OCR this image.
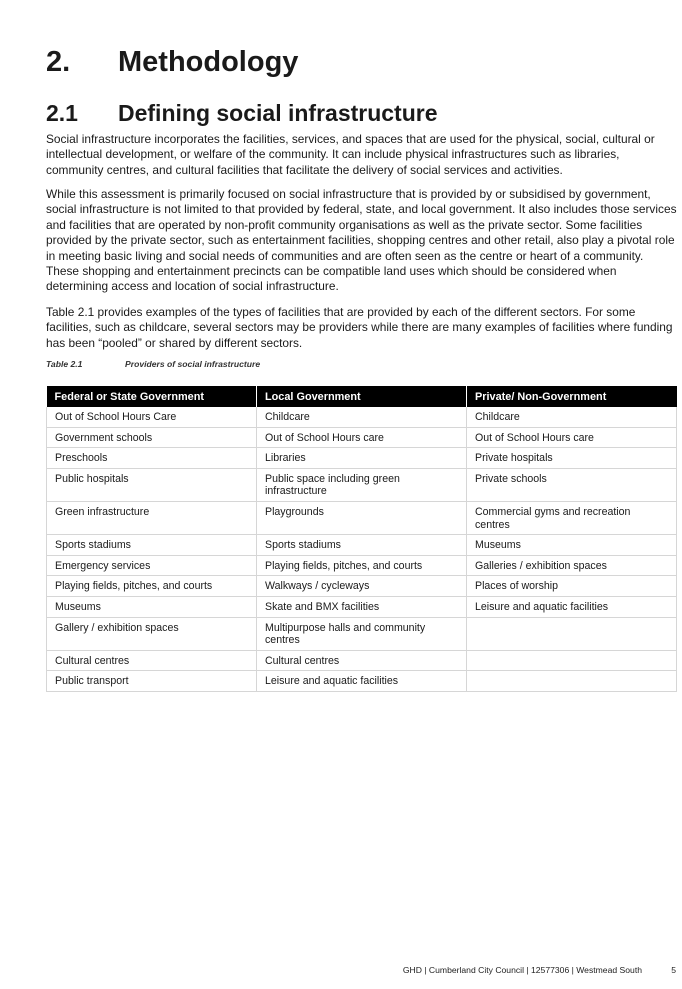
2. Methodology
2.1 Defining social infrastructure

Social infrastructure incorporates the facilities, services, and spaces that are used for the physical, social, cultural or intellectual development, or welfare of the community. It can include physical infrastructures such as libraries, community centres, and cultural facilities that facilitate the delivery of social services and activities.

While this assessment is primarily focused on social infrastructure that is provided by or subsidised by government, social infrastructure is not limited to that provided by federal, state, and local government. It also includes those services and facilities that are operated by non-profit community organisations as well as the private sector. Some facilities provided by the private sector, such as entertainment facilities, shopping centres and other retail, also play a pivotal role in meeting basic living and social needs of communities and are often seen as the centre or heart of a community. These shopping and entertainment precincts can be compatible land uses which should be considered when determining access and location of social infrastructure.

Table 2.1 provides examples of the types of facilities that are provided by each of the different sectors. For some facilities, such as childcare, several sectors may be providers while there are many examples of facilities where funding has been “pooled” or shared by different sectors.

Table 2.1	Providers of social infrastructure
Federal or State Government	Local Government	Private/ Non-Government
Out of School Hours Care	Childcare	Childcare
Government schools	Out of School Hours care	Out of School Hours care
Preschools	Libraries	Private hospitals
Public hospitals	Public space including green infrastructure	Private schools
Green infrastructure	Playgrounds	Commercial gyms and recreation centres
Sports stadiums	Sports stadiums	Museums
Emergency services	Playing fields, pitches, and courts	Galleries / exhibition spaces
Playing fields, pitches, and courts	Walkways / cycleways	Places of worship
Museums	Skate and BMX facilities	Leisure and aquatic facilities
Gallery / exhibition spaces	Multipurpose halls and community centres	
Cultural centres	Cultural centres	
Public transport	Leisure and aquatic facilities	
GHD | Cumberland City Council | 12577306 | Westmead South	5
